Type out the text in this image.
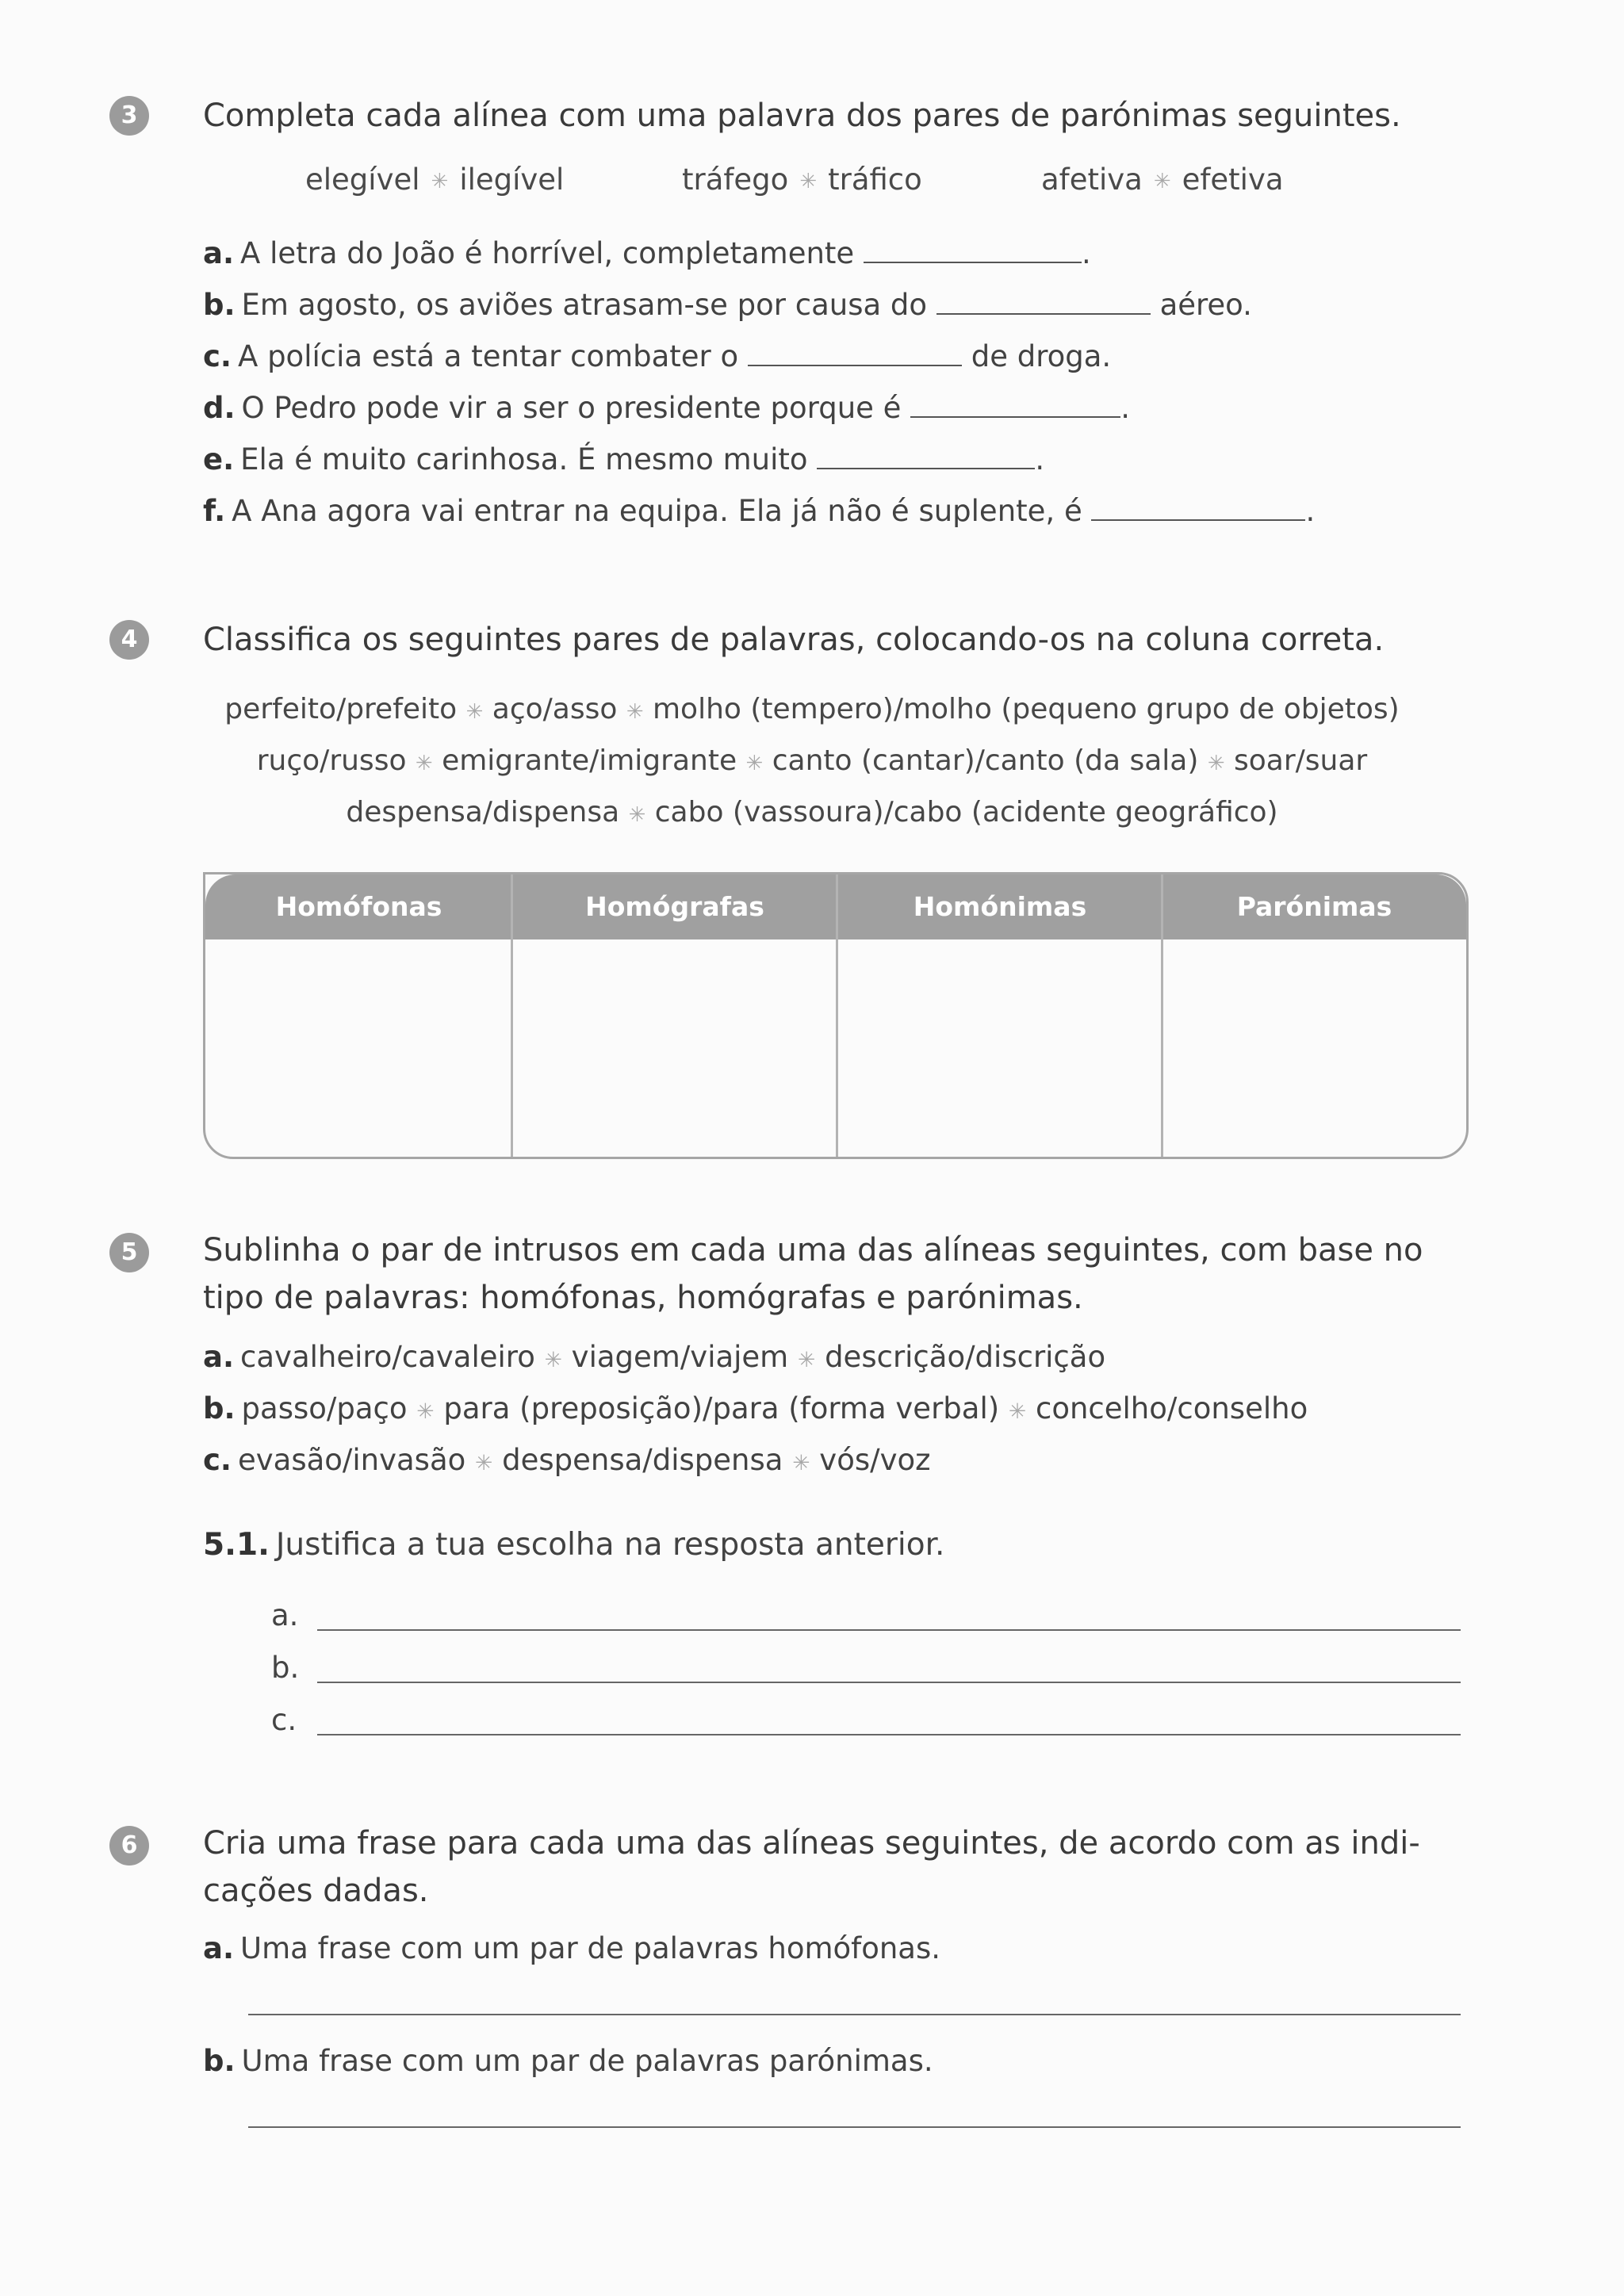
3	Completa cada alínea com uma palavra dos pares de parónimas seguintes.
elegível ✳ ilegível	tráfego ✳ tráfico	afetiva ✳ efetiva
a. A letra do João é horrível, completamente	.
b. Em agosto, os aviões atrasam-se por causa do	aéreo.
c. A polícia está a tentar combater o	de droga.
d. O Pedro pode vir a ser o presidente porque é	.
e. Ela é muito carinhosa. É mesmo muito	.
f. A Ana agora vai entrar na equipa. Ela já não é suplente, é	.
4	Classifica os seguintes pares de palavras, colocando-os na coluna correta.
perfeito/prefeito ✳ aço/asso ✳ molho (tempero)/molho (pequeno grupo de objetos)
ruço/russo ✳ emigrante/imigrante ✳ canto (cantar)/canto (da sala) ✳ soar/suar
despensa/dispensa ✳ cabo (vassoura)/cabo (acidente geográfico)
Homófonas	Homógrafas	Homónimas	Parónimas
5	Sublinha o par de intrusos em cada uma das alíneas seguintes, com base no
tipo de palavras: homófonas, homógrafas e parónimas.
a. cavalheiro/cavaleiro ✳ viagem/viajem ✳ descrição/discrição
b. passo/paço ✳ para (preposição)/para (forma verbal) ✳ concelho/conselho
c. evasão/invasão ✳ despensa/dispensa ✳ vós/voz
5.1. Justifica a tua escolha na resposta anterior.
a.
b.
c.
6	Cria uma frase para cada uma das alíneas seguintes, de acordo com as indi-
cações dadas.
a. Uma frase com um par de palavras homófonas.
b. Uma frase com um par de palavras parónimas.
